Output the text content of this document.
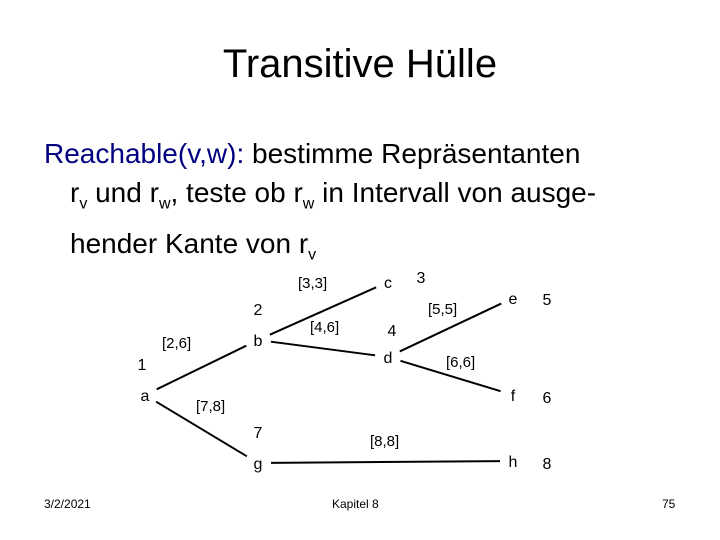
Transitive Hülle
Reachable(v,w): bestimme Repräsentanten
$r_v$ und $r_w$, teste ob $r_w$ in Intervall von ausge-
hender Kante von $r_v$
[2,6]
[3,3]
[4,6]
[5,5]
[6,6]
[7,8]
[8,8]
a
1
b
2
c 3
d
4
e 5
f 6
g
7
h 8
3/2/2021	Kapitel 8	75
